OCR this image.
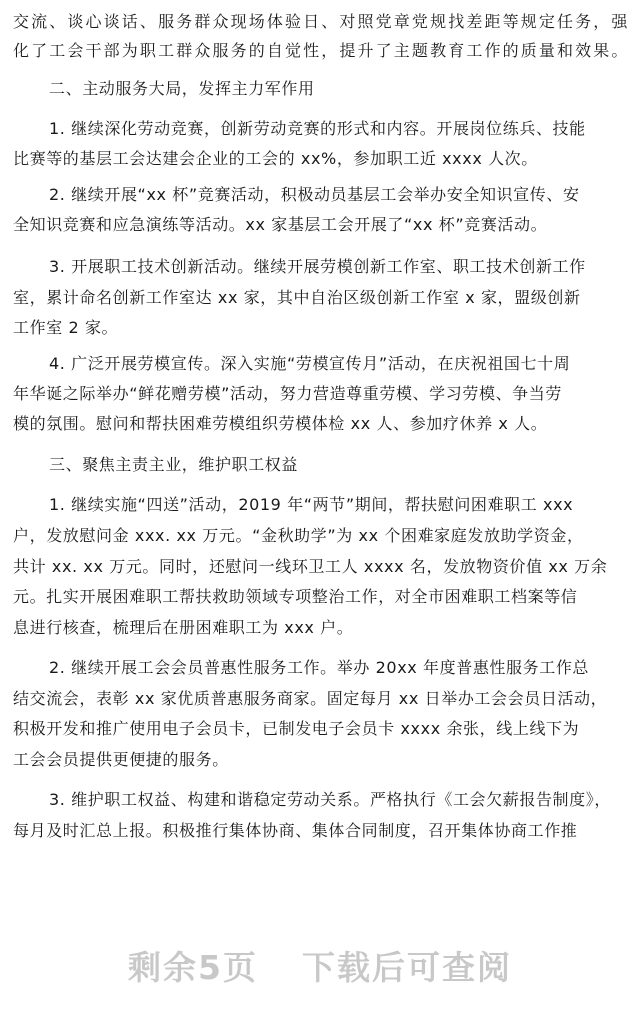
交流、谈心谈话、服务群众现场体验日、对照党章党规找差距等规定任务，强
化了工会干部为职工群众服务的自觉性，提升了主题教育工作的质量和效果。
二、主动服务大局，发挥主力军作用
1. 继续深化劳动竞赛，创新劳动竞赛的形式和内容。开展岗位练兵、技能
比赛等的基层工会达建会企业的工会的 xx%，参加职工近 xxxx 人次。
2. 继续开展“xx 杯”竞赛活动，积极动员基层工会举办安全知识宣传、安
全知识竞赛和应急演练等活动。xx 家基层工会开展了“xx 杯”竞赛活动。
3. 开展职工技术创新活动。继续开展劳模创新工作室、职工技术创新工作
室，累计命名创新工作室达 xx 家，其中自治区级创新工作室 x 家，盟级创新
工作室 2 家。
4. 广泛开展劳模宣传。深入实施“劳模宣传月”活动，在庆祝祖国七十周
年华诞之际举办“鲜花赠劳模”活动，努力营造尊重劳模、学习劳模、争当劳
模的氛围。慰问和帮扶困难劳模组织劳模体检 xx 人、参加疗休养 x 人。
三、聚焦主责主业，维护职工权益
1. 继续实施“四送”活动，2019 年“两节”期间，帮扶慰问困难职工 xxx
户，发放慰问金 xxx. xx 万元。“金秋助学”为 xx 个困难家庭发放助学资金，
共计 xx. xx 万元。同时，还慰问一线环卫工人 xxxx 名，发放物资价值 xx 万余
元。扎实开展困难职工帮扶救助领域专项整治工作，对全市困难职工档案等信
息进行核查，梳理后在册困难职工为 xxx 户。
2. 继续开展工会会员普惠性服务工作。举办 20xx 年度普惠性服务工作总
结交流会，表彰 xx 家优质普惠服务商家。固定每月 xx 日举办工会会员日活动，
积极开发和推广使用电子会员卡，已制发电子会员卡 xxxx 余张，线上线下为
工会会员提供更便捷的服务。
3. 维护职工权益、构建和谐稳定劳动关系。严格执行《工会欠薪报告制度》，
每月及时汇总上报。积极推行集体协商、集体合同制度，召开集体协商工作推
剩余5页 下载后可查阅
